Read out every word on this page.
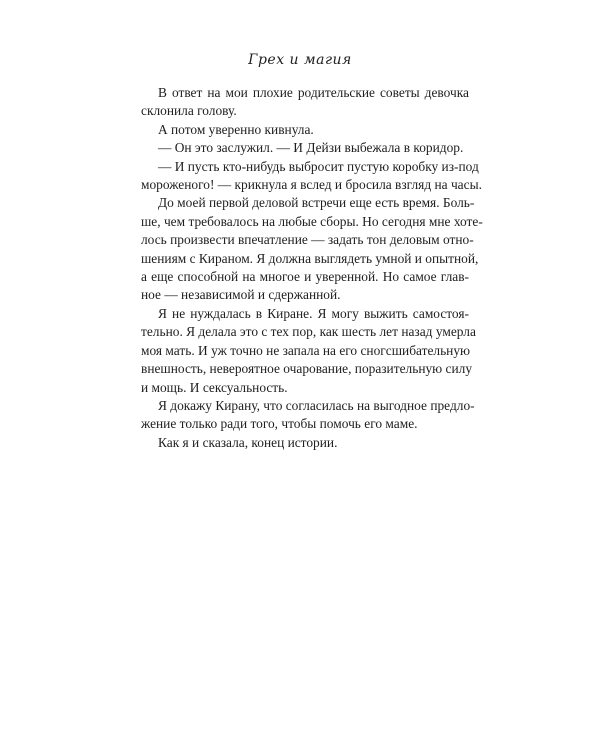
Грех и магия
В ответ на мои плохие родительские советы девочка
склонила голову.
А потом уверенно кивнула.
— Он это заслужил. — И Дейзи выбежала в коридор.
— И пусть кто-нибудь выбросит пустую коробку из-под
мороженого! — крикнула я вслед и бросила взгляд на часы.
До моей первой деловой встречи еще есть время. Боль-
ше, чем требовалось на любые сборы. Но сегодня мне хоте-
лось произвести впечатление — задать тон деловым отно-
шениям с Кираном. Я должна выглядеть умной и опытной,
а еще способной на многое и уверенной. Но самое глав-
ное — независимой и сдержанной.
Я не нуждалась в Киране. Я могу выжить самостоя-
тельно. Я делала это с тех пор, как шесть лет назад умерла
моя мать. И уж точно не запала на его сногсшибательную
внешность, невероятное очарование, поразительную силу
и мощь. И сексуальность.
Я докажу Кирану, что согласилась на выгодное предло-
жение только ради того, чтобы помочь его маме.
Как я и сказала, конец истории.
